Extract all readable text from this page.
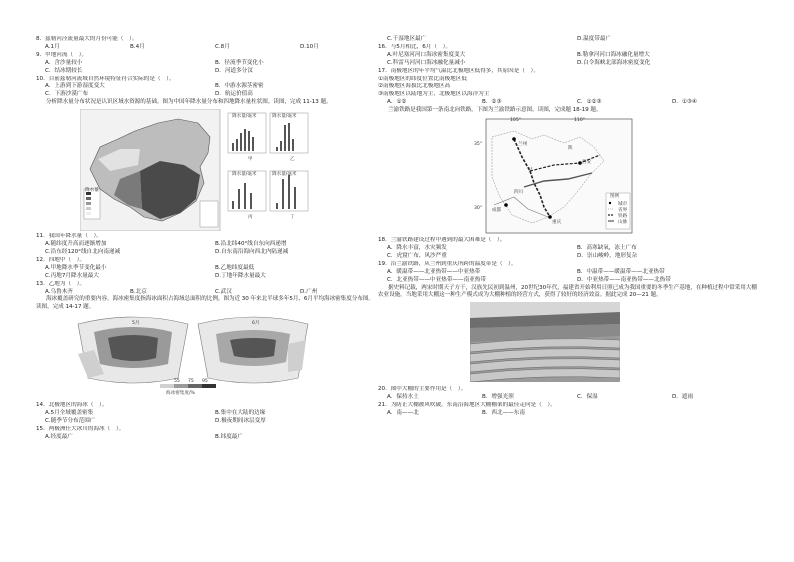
8．兹勒河泾流量最大的月份可能（　）。
A.1月	B.4月	C.8月	D.10月
9．甲地河流（　）。
A．含沙量较小	B．径流季节变化小
C．结冰期较长	D．河道多分汊
10．目前兹勒河流域自然环境特征符合实际的是（　）。
A．上游到下游湿度变大	B．中游水源茎密密
C．下游沙漠广布	D．航运价值高
分析降水量分布状况是认识区域水资源的基础。图为中国年降水量分布和四地降水量柱状图。读图，完成 11-13 题。
降水量/毫米	降水量/毫米
降水量/毫米	降水量/毫米
甲	乙
丙	丁
降水量
11．我国年降水量（　）。
A.随纬度升高而逐渐增加	B.沿北纬40°线自东向西递增
C.沿东经120°线自北向南递减	D.自东南沿海向西北内陆递减
12．四地中（　）。
A.甲地降水季节变化最小	B.乙地纬度最低
C.丙地7月降水量最大	D.丁地年降水量最大
13．乙地为（　）。
A.乌鲁木齐	B.北京	C.武汉	D.广州
海冰覆盖研究的重要内容。海冰密集度指海冰面积占海域总面积的比例。图为近 30 年来北半球多年5月、6月平均海冰密集度分布图。读图，完成 14-17 题。
5月	6月
55 75 95
海冰密集度/%
14．北极地区的海冰（　）。
A.5月全域覆盖密集	B.集中在大陆的边缘
C.随季节分布范围广	D.极夜期间冰层变厚
15．两极洲任大冰川的海冰（　）。
A.经度最广	B.纬度最广
C.千湿地区最广	D.温度带最广
16．与5月相比，6月（　）。
A.叶尼塞河河口海冰密集度变大	B.勒拿河河口海冰融化量增大
C.科雷马河河口海冰融化量减小	D.白令海峡北部海冰密度变化
17．南极地区的年平均气温比北极地区低得多，其原因是（　）。
①南极地区的纬度位置比南极地区低
②南极地区海拔比北极地区高
③南极地区以陆地为主，北极地区以海洋为主
A．①②	B．②③	C．①②③	D．①③④
兰渝铁路是我国第一条南北向铁路，下图为兰渝铁路示意图。读图，完成题 18-19 题。
105°	110°
35°
30°
兰州
西安
成都
重庆
甘
陕
四川
图例
城市
省界
铁路
山脉
18．兰渝铁路建设过程中遇到的最大困难是（　）。
A．降水丰富，水灾频发	B．高寒缺氧，冻土广布
C．虎窟广布，风沙严重	D．崇山峻岭，地形复杂
19．沿兰渝铁路，从兰州到重庆所跨的温度带是（　）。
A．暖温带——北亚热带——中亚热带	B．中温带——暖温带——北亚热带
C．北亚热带——中亚热带——南亚热带	D．中亚热带——南亚热带——北热带
据史料记载，两宋时期天子方干，汉族先民初到温州，20世纪30年代，福建省开始利用日照已成为我国重要的冬季生产基地，在种植过程中常采用大棚农业设施，当地采用大棚这一种生产模式成为大棚种植的经营方式，获得了较好的经济效益。据此完成 20—21 题。
20．图中大棚的主要作用是（　）。
A．保持水土	B．增强光照	C．保湿	D．遮雨
21．为防止大棚被风吹破，东南沿海地区大棚棚架的最佳走向是（　）。
A．南——北	B．西北——东南
